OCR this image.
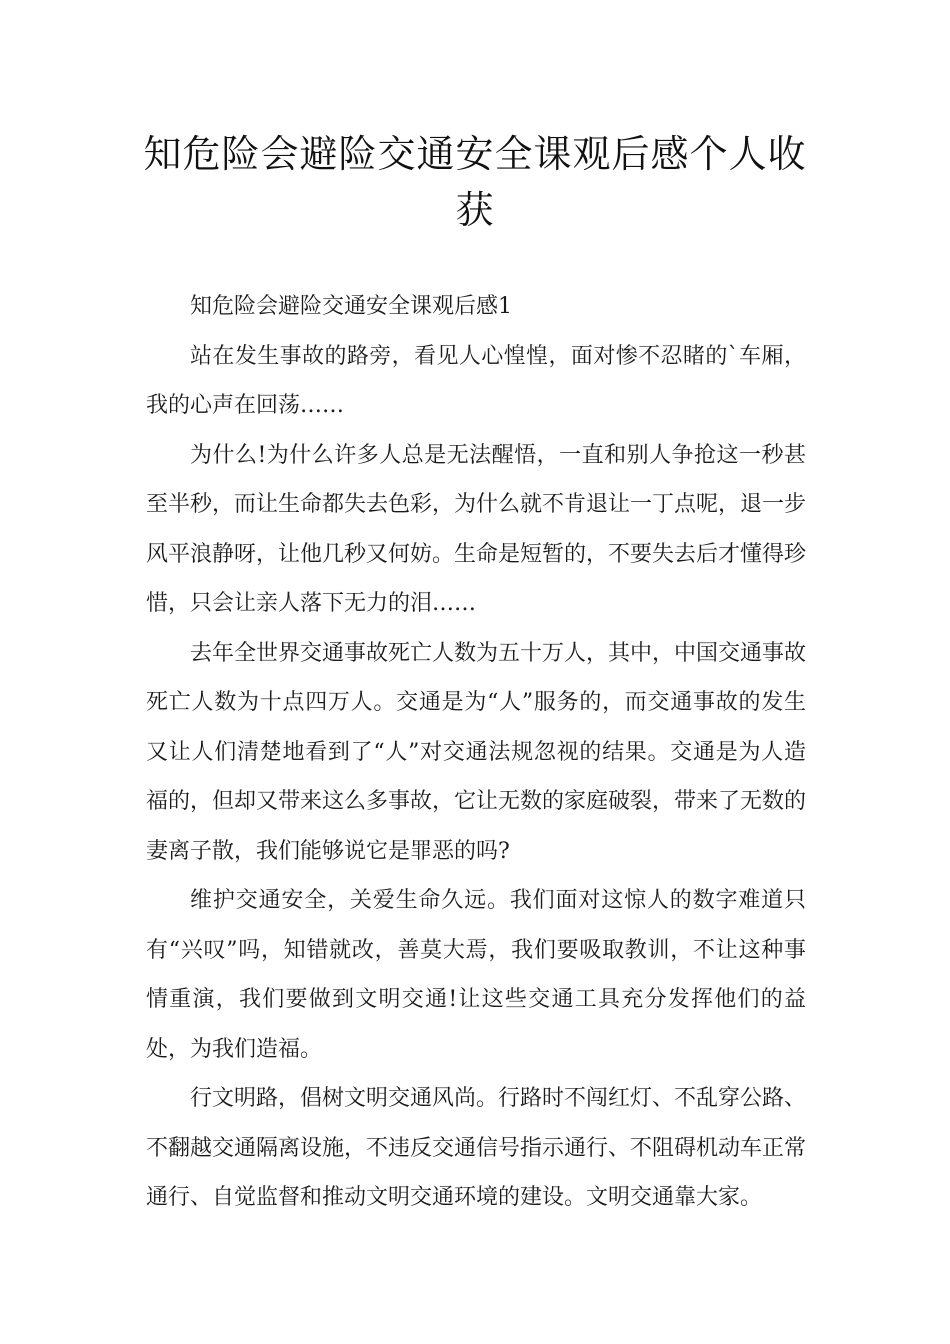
知危险会避险交通安全课观后感个人收获

知危险会避险交通安全课观后感1

站在发生事故的路旁，看见人心惶惶，面对惨不忍睹的`车厢，我的心声在回荡……

为什么!为什么许多人总是无法醒悟，一直和别人争抢这一秒甚至半秒，而让生命都失去色彩，为什么就不肯退让一丁点呢，退一步风平浪静呀，让他几秒又何妨。生命是短暂的，不要失去后才懂得珍惜，只会让亲人落下无力的泪……

去年全世界交通事故死亡人数为五十万人，其中，中国交通事故死亡人数为十点四万人。交通是为“人”服务的，而交通事故的发生又让人们清楚地看到了“人”对交通法规忽视的结果。交通是为人造福的，但却又带来这么多事故，它让无数的家庭破裂，带来了无数的妻离子散，我们能够说它是罪恶的吗?

维护交通安全，关爱生命久远。我们面对这惊人的数字难道只有“兴叹”吗，知错就改，善莫大焉，我们要吸取教训，不让这种事情重演，我们要做到文明交通!让这些交通工具充分发挥他们的益处，为我们造福。

行文明路，倡树文明交通风尚。行路时不闯红灯、不乱穿公路、不翻越交通隔离设施，不违反交通信号指示通行、不阻碍机动车正常通行、自觉监督和推动文明交通环境的建设。文明交通靠大家。
